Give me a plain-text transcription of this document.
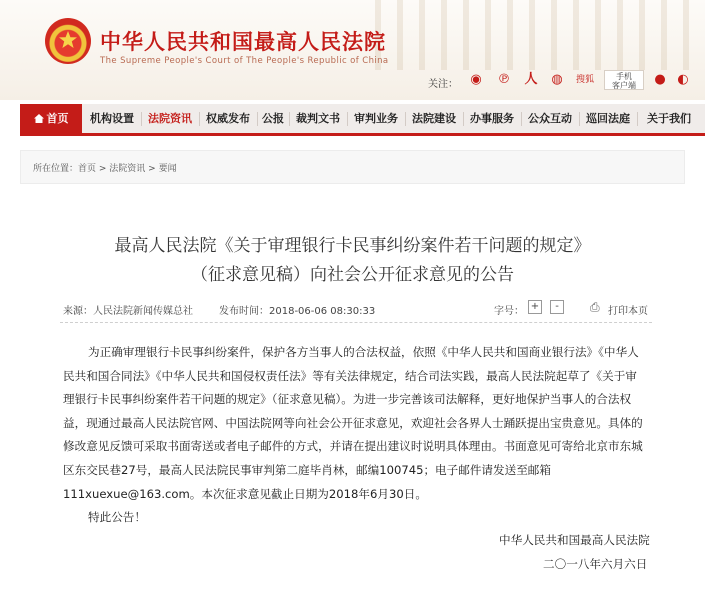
中华人民共和国最高人民法院
The Supreme People's Court of The People's Republic of China
关注： ◉	℗ 人	◍	搜狐	手机
客户端	● ◐
首页	机构设置	法院资讯	权威发布	公报	裁判文书	审判业务	法院建设	办事服务	公众互动	巡回法庭	关于我们
所在位置：首页 > 法院资讯 > 要闻
最高人民法院《关于审理银行卡民事纠纷案件若干问题的规定》
（征求意见稿）向社会公开征求意见的公告
来源：人民法院新闻传媒总社	发布时间：2018-06-06 08:30:33	字号： +	-	⎙ 打印本页
为正确审理银行卡民事纠纷案件，保护各方当事人的合法权益，依照《中华人民共和国商业银行法》《中华人
民共和国合同法》《中华人民共和国侵权责任法》等有关法律规定，结合司法实践，最高人民法院起草了《关于审
理银行卡民事纠纷案件若干问题的规定》（征求意见稿）。为进一步完善该司法解释，更好地保护当事人的合法权
益，现通过最高人民法院官网、中国法院网等向社会公开征求意见，欢迎社会各界人士踊跃提出宝贵意见。具体的
修改意见反馈可采取书面寄送或者电子邮件的方式，并请在提出建议时说明具体理由。书面意见可寄给北京市东城
区东交民巷27号，最高人民法院民事审判第二庭毕肖林，邮编100745；电子邮件请发送至邮箱
111xuexue@163.com。本次征求意见截止日期为2018年6月30日。
特此公告！
中华人民共和国最高人民法院
二〇一八年六月六日
